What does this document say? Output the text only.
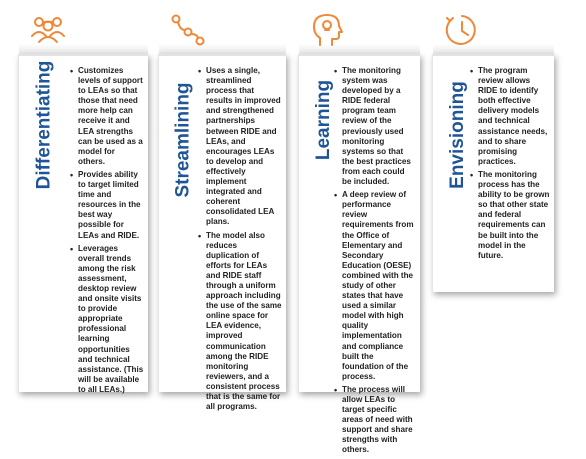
Differentiating
•	Customizes levels of support to LEAs so that those that need more help can receive it and LEA strengths can be used as a model for others.
• Provides ability to target limited time and resources in the best way possible for LEAs and RIDE.
• Leverages overall trends among the risk assessment, desktop review and onsite visits to provide appropriate professional learning opportunities and technical assistance. (This will be available to all LEAs.)
Streamlining
• Uses a single, streamlined process that results in improved and strengthened partnerships between RIDE and LEAs, and encourages LEAs to develop and effectively implement integrated and coherent consolidated LEA plans.
• The model also reduces duplication of efforts for LEAs and RIDE staff through a uniform approach including the use of the same online space for LEA evidence, improved communication among the RIDE monitoring reviewers, and a consistent process that is the same for all programs.
Learning
• The monitoring system was developed by a RIDE federal program team review of the previously used monitoring systems so that the best practices from each could be included.
• A deep review of performance review requirements from the Office of Elementary and Secondary Education (OESE) combined with the study of other states that have used a similar model with high quality implementation and compliance built the foundation of the process.
• The process will allow LEAs to target specific areas of need with support and share strengths with others.
Envisioning
• The program review allows RIDE to identify both effective delivery models and technical assistance needs, and to share promising practices.
• The monitoring process has the ability to be grown so that other state and federal requirements can be built into the model in the future.
